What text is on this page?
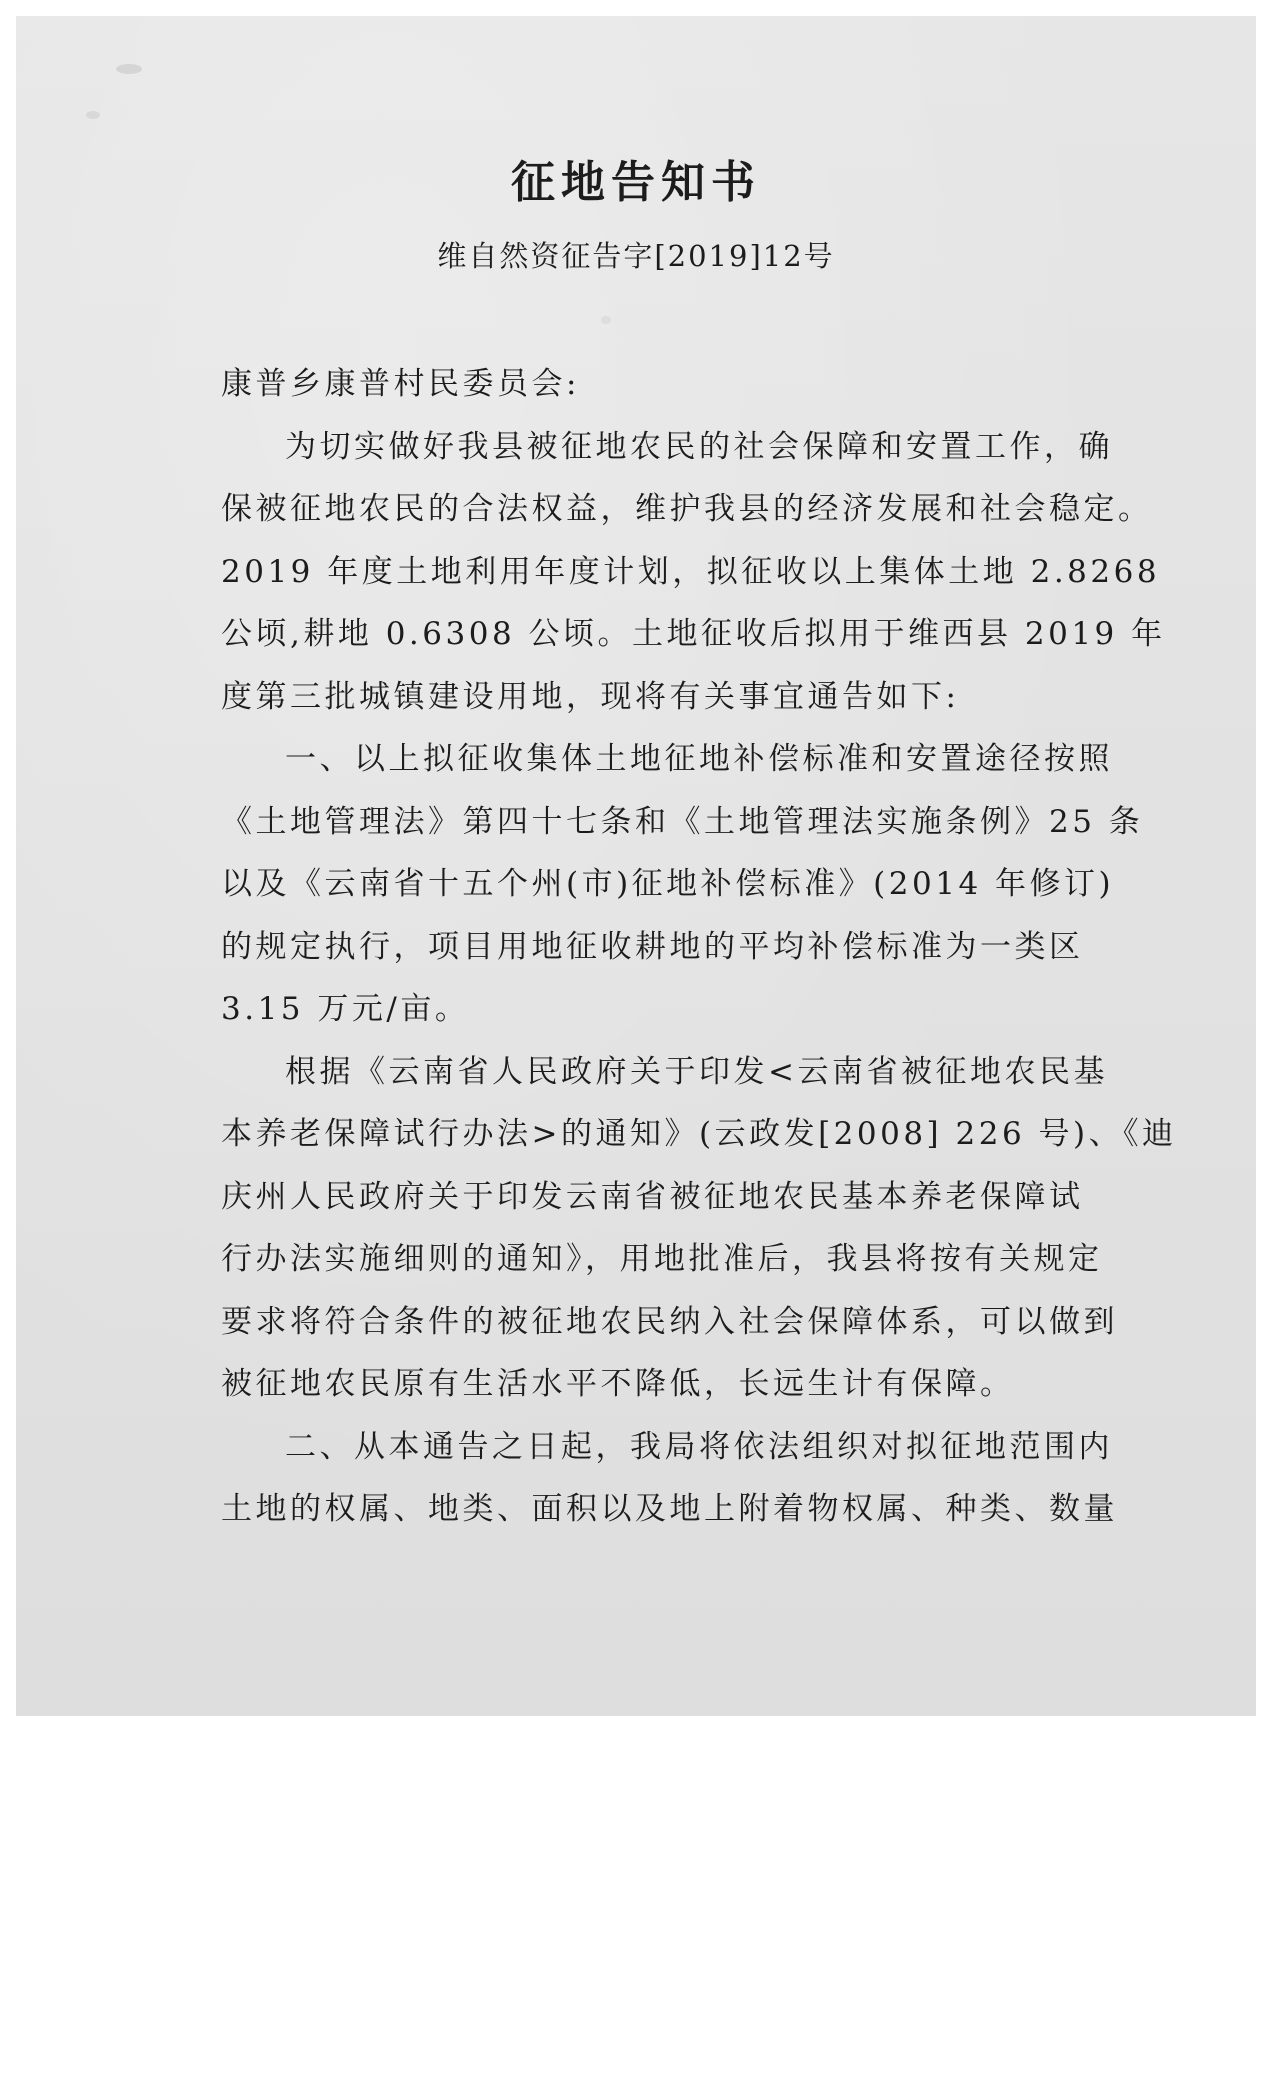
征地告知书
维自然资征告字[2019]12号
康普乡康普村民委员会:
为切实做好我县被征地农民的社会保障和安置工作，确
保被征地农民的合法权益，维护我县的经济发展和社会稳定。
2019 年度土地利用年度计划，拟征收以上集体土地 2.8268
公顷,耕地 0.6308 公顷。土地征收后拟用于维西县 2019 年
度第三批城镇建设用地，现将有关事宜通告如下:
一、以上拟征收集体土地征地补偿标准和安置途径按照
《土地管理法》第四十七条和《土地管理法实施条例》25 条
以及《云南省十五个州(市)征地补偿标准》(2014 年修订)
的规定执行，项目用地征收耕地的平均补偿标准为一类区
3.15 万元/亩。
根据《云南省人民政府关于印发<云南省被征地农民基
本养老保障试行办法>的通知》(云政发[2008] 226 号)、《迪
庆州人民政府关于印发云南省被征地农民基本养老保障试
行办法实施细则的通知》，用地批准后，我县将按有关规定
要求将符合条件的被征地农民纳入社会保障体系，可以做到
被征地农民原有生活水平不降低，长远生计有保障。
二、从本通告之日起，我局将依法组织对拟征地范围内
土地的权属、地类、面积以及地上附着物权属、种类、数量
